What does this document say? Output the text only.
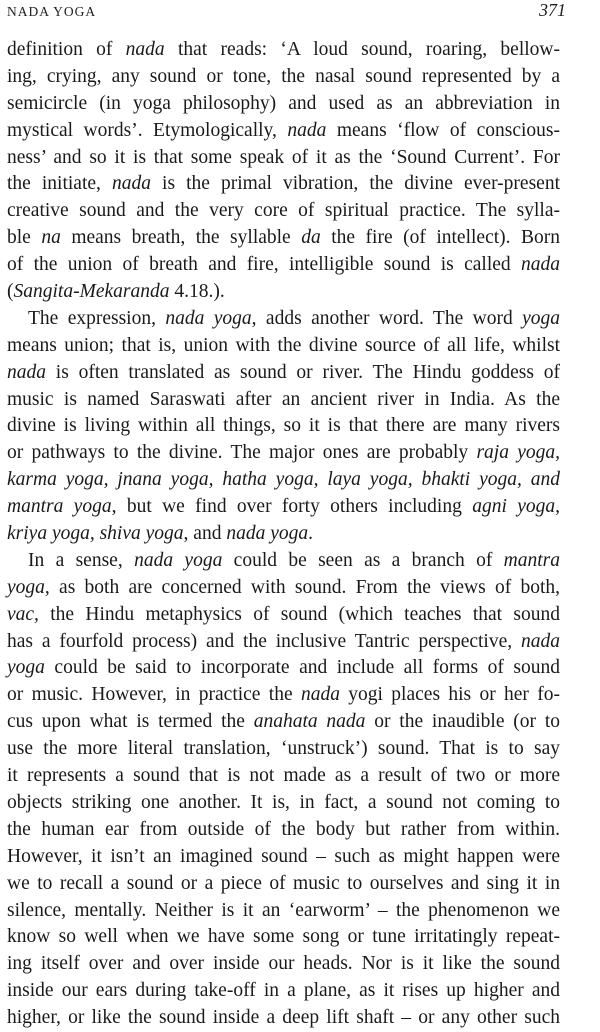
NADA YOGA	371
definition of nada that reads: ‘A loud sound, roaring, bellow-
ing, crying, any sound or tone, the nasal sound represented by a
semicircle (in yoga philosophy) and used as an abbreviation in
mystical words’. Etymologically, nada means ‘flow of conscious-
ness’ and so it is that some speak of it as the ‘Sound Current’. For
the initiate, nada is the primal vibration, the divine ever-present
creative sound and the very core of spiritual practice. The sylla-
ble na means breath, the syllable da the fire (of intellect). Born
of the union of breath and fire, intelligible sound is called nada
(Sangita-Mekaranda 4.18.).
The expression, nada yoga, adds another word. The word yoga
means union; that is, union with the divine source of all life, whilst
nada is often translated as sound or river. The Hindu goddess of
music is named Saraswati after an ancient river in India. As the
divine is living within all things, so it is that there are many rivers
or pathways to the divine. The major ones are probably raja yoga,
karma yoga, jnana yoga, hatha yoga, laya yoga, bhakti yoga, and
mantra yoga, but we find over forty others including agni yoga,
kriya yoga, shiva yoga, and nada yoga.
In a sense, nada yoga could be seen as a branch of mantra
yoga, as both are concerned with sound. From the views of both,
vac, the Hindu metaphysics of sound (which teaches that sound
has a fourfold process) and the inclusive Tantric perspective, nada
yoga could be said to incorporate and include all forms of sound
or music. However, in practice the nada yogi places his or her fo-
cus upon what is termed the anahata nada or the inaudible (or to
use the more literal translation, ‘unstruck’) sound. That is to say
it represents a sound that is not made as a result of two or more
objects striking one another. It is, in fact, a sound not coming to
the human ear from outside of the body but rather from within.
However, it isn’t an imagined sound – such as might happen were
we to recall a sound or a piece of music to ourselves and sing it in
silence, mentally. Neither is it an ‘earworm’ – the phenomenon we
know so well when we have some song or tune irritatingly repeat-
ing itself over and over inside our heads. Nor is it like the sound
inside our ears during take-off in a plane, as it rises up higher and
higher, or like the sound inside a deep lift shaft – or any other such
